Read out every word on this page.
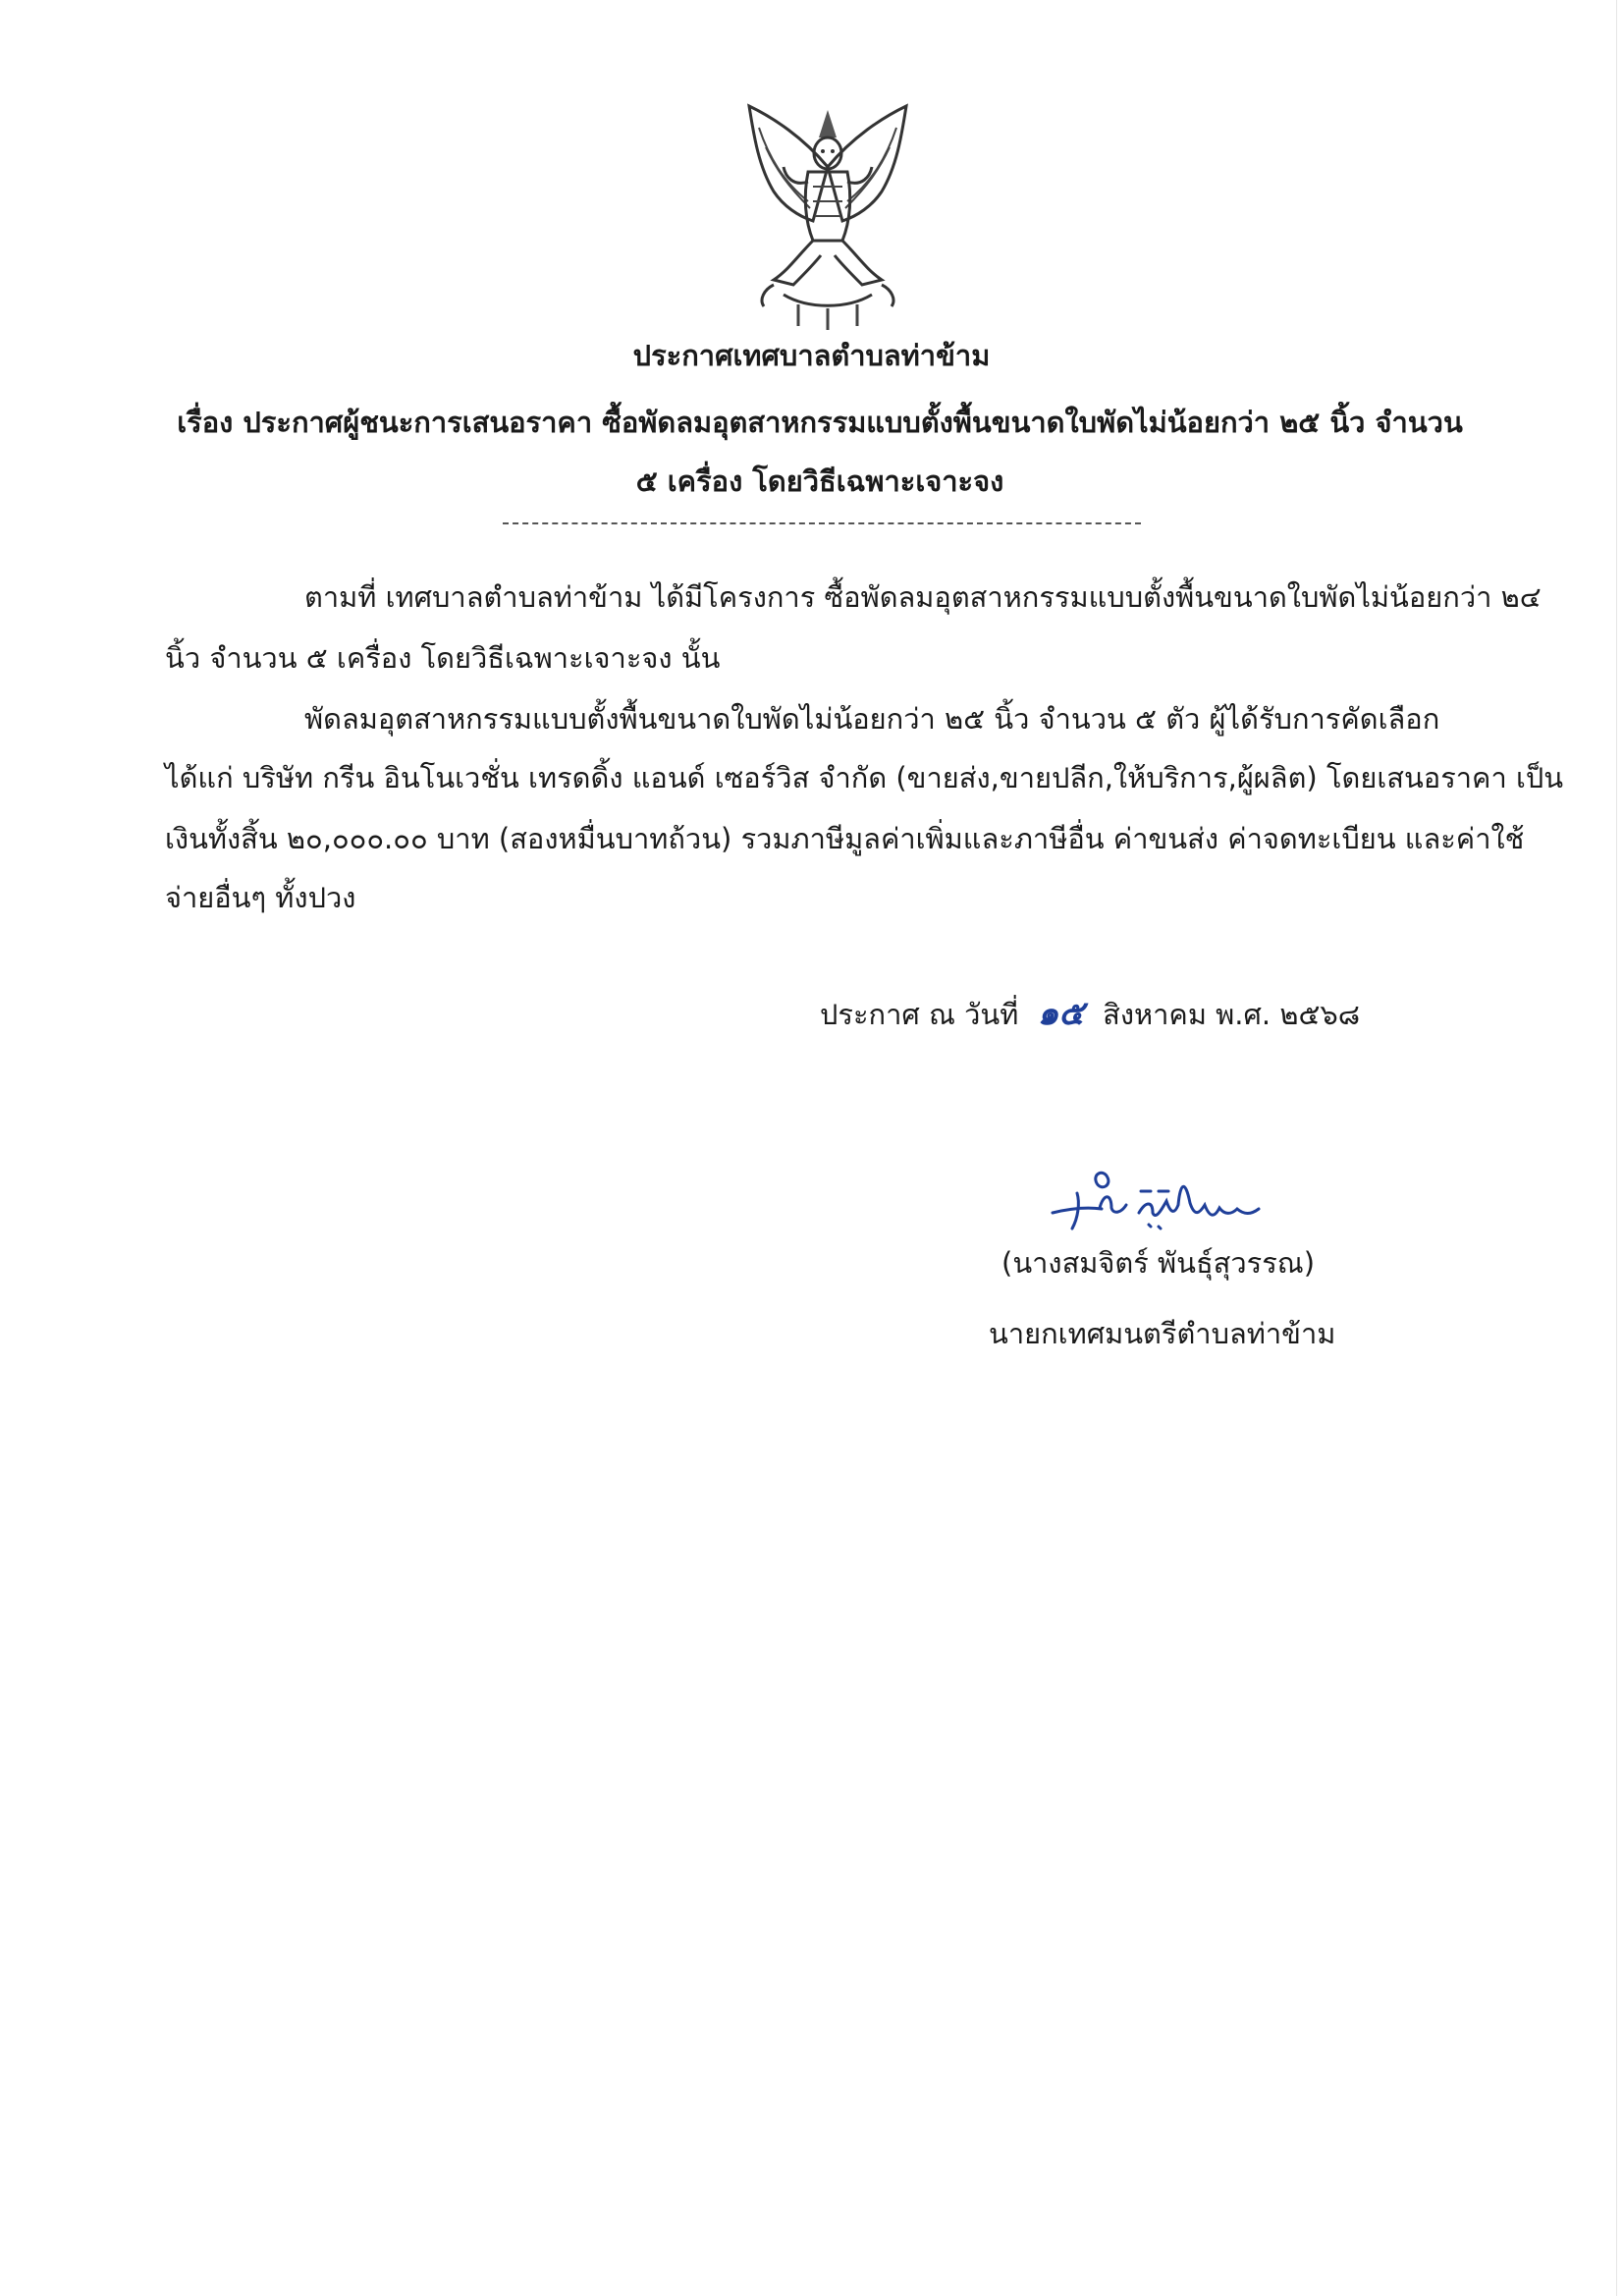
ประกาศเทศบาลตำบลท่าข้าม
เรื่อง ประกาศผู้ชนะการเสนอราคา ซื้อพัดลมอุตสาหกรรมแบบตั้งพื้นขนาดใบพัดไม่น้อยกว่า ๒๕ นิ้ว จำนวน ๕ เครื่อง โดยวิธีเฉพาะเจาะจง
ตามที่ เทศบาลตำบลท่าข้าม ได้มีโครงการ ซื้อพัดลมอุตสาหกรรมแบบตั้งพื้นขนาดใบพัดไม่น้อยกว่า ๒๔
นิ้ว จำนวน ๕ เครื่อง โดยวิธีเฉพาะเจาะจง นั้น
พัดลมอุตสาหกรรมแบบตั้งพื้นขนาดใบพัดไม่น้อยกว่า ๒๕ นิ้ว จำนวน ๕ ตัว ผู้ได้รับการคัดเลือก
ได้แก่ บริษัท กรีน อินโนเวชั่น เทรดดิ้ง แอนด์ เซอร์วิส จำกัด (ขายส่ง,ขายปลีก,ให้บริการ,ผู้ผลิต) โดยเสนอราคา เป็น
เงินทั้งสิ้น ๒๐,๐๐๐.๐๐ บาท (สองหมื่นบาทถ้วน) รวมภาษีมูลค่าเพิ่มและภาษีอื่น ค่าขนส่ง ค่าจดทะเบียน และค่าใช้
จ่ายอื่นๆ ทั้งปวง
ประกาศ ณ วันที่ ๑๕ สิงหาคม พ.ศ. ๒๕๖๘
(นางสมจิตร์ พันธุ์สุวรรณ)
นายกเทศมนตรีตำบลท่าข้าม
